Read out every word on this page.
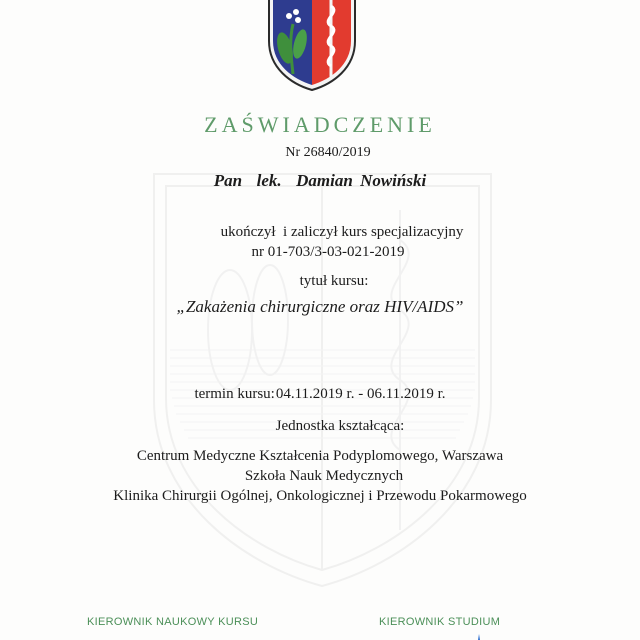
ZAŚWIADCZENIE
Nr 26840/2019
Pan  lek.  Damian Nowiński
ukończył  i zaliczył kurs specjalizacyjny
nr 01-703/3-03-021-2019
tytuł kursu:
„Zakażenia chirurgiczne oraz HIV/AIDS”
termin kursu:04.11.2019 r. - 06.11.2019 r.
Jednostka kształcąca:
Centrum Medyczne Kształcenia Podyplomowego, Warszawa
Szkoła Nauk Medycznych
Klinika Chirurgii Ogólnej, Onkologicznej i Przewodu Pokarmowego
KIEROWNIK NAUKOWY KURSU	KIEROWNIK STUDIUM
